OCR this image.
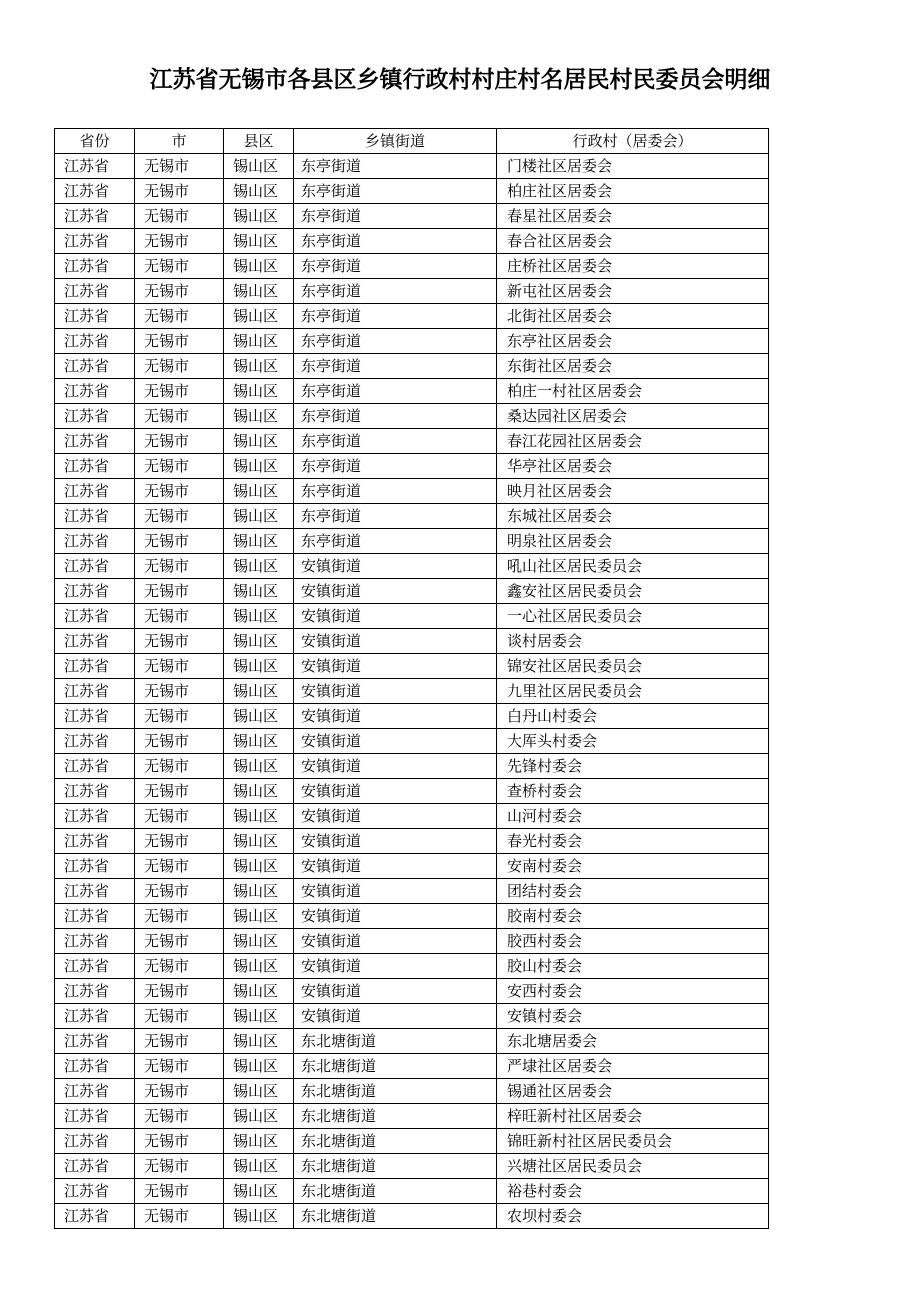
江苏省无锡市各县区乡镇行政村村庄村名居民村民委员会明细
省份	市	县区	乡镇街道	行政村（居委会）
江苏省	无锡市	锡山区	东亭街道	门楼社区居委会
江苏省	无锡市	锡山区	东亭街道	柏庄社区居委会
江苏省	无锡市	锡山区	东亭街道	春星社区居委会
江苏省	无锡市	锡山区	东亭街道	春合社区居委会
江苏省	无锡市	锡山区	东亭街道	庄桥社区居委会
江苏省	无锡市	锡山区	东亭街道	新屯社区居委会
江苏省	无锡市	锡山区	东亭街道	北街社区居委会
江苏省	无锡市	锡山区	东亭街道	东亭社区居委会
江苏省	无锡市	锡山区	东亭街道	东街社区居委会
江苏省	无锡市	锡山区	东亭街道	柏庄一村社区居委会
江苏省	无锡市	锡山区	东亭街道	桑达园社区居委会
江苏省	无锡市	锡山区	东亭街道	春江花园社区居委会
江苏省	无锡市	锡山区	东亭街道	华亭社区居委会
江苏省	无锡市	锡山区	东亭街道	映月社区居委会
江苏省	无锡市	锡山区	东亭街道	东城社区居委会
江苏省	无锡市	锡山区	东亭街道	明泉社区居委会
江苏省	无锡市	锡山区	安镇街道	吼山社区居民委员会
江苏省	无锡市	锡山区	安镇街道	鑫安社区居民委员会
江苏省	无锡市	锡山区	安镇街道	一心社区居民委员会
江苏省	无锡市	锡山区	安镇街道	谈村居委会
江苏省	无锡市	锡山区	安镇街道	锦安社区居民委员会
江苏省	无锡市	锡山区	安镇街道	九里社区居民委员会
江苏省	无锡市	锡山区	安镇街道	白丹山村委会
江苏省	无锡市	锡山区	安镇街道	大厍头村委会
江苏省	无锡市	锡山区	安镇街道	先锋村委会
江苏省	无锡市	锡山区	安镇街道	查桥村委会
江苏省	无锡市	锡山区	安镇街道	山河村委会
江苏省	无锡市	锡山区	安镇街道	春光村委会
江苏省	无锡市	锡山区	安镇街道	安南村委会
江苏省	无锡市	锡山区	安镇街道	团结村委会
江苏省	无锡市	锡山区	安镇街道	胶南村委会
江苏省	无锡市	锡山区	安镇街道	胶西村委会
江苏省	无锡市	锡山区	安镇街道	胶山村委会
江苏省	无锡市	锡山区	安镇街道	安西村委会
江苏省	无锡市	锡山区	安镇街道	安镇村委会
江苏省	无锡市	锡山区	东北塘街道	东北塘居委会
江苏省	无锡市	锡山区	东北塘街道	严埭社区居委会
江苏省	无锡市	锡山区	东北塘街道	锡通社区居委会
江苏省	无锡市	锡山区	东北塘街道	梓旺新村社区居委会
江苏省	无锡市	锡山区	东北塘街道	锦旺新村社区居民委员会
江苏省	无锡市	锡山区	东北塘街道	兴塘社区居民委员会
江苏省	无锡市	锡山区	东北塘街道	裕巷村委会
江苏省	无锡市	锡山区	东北塘街道	农坝村委会
